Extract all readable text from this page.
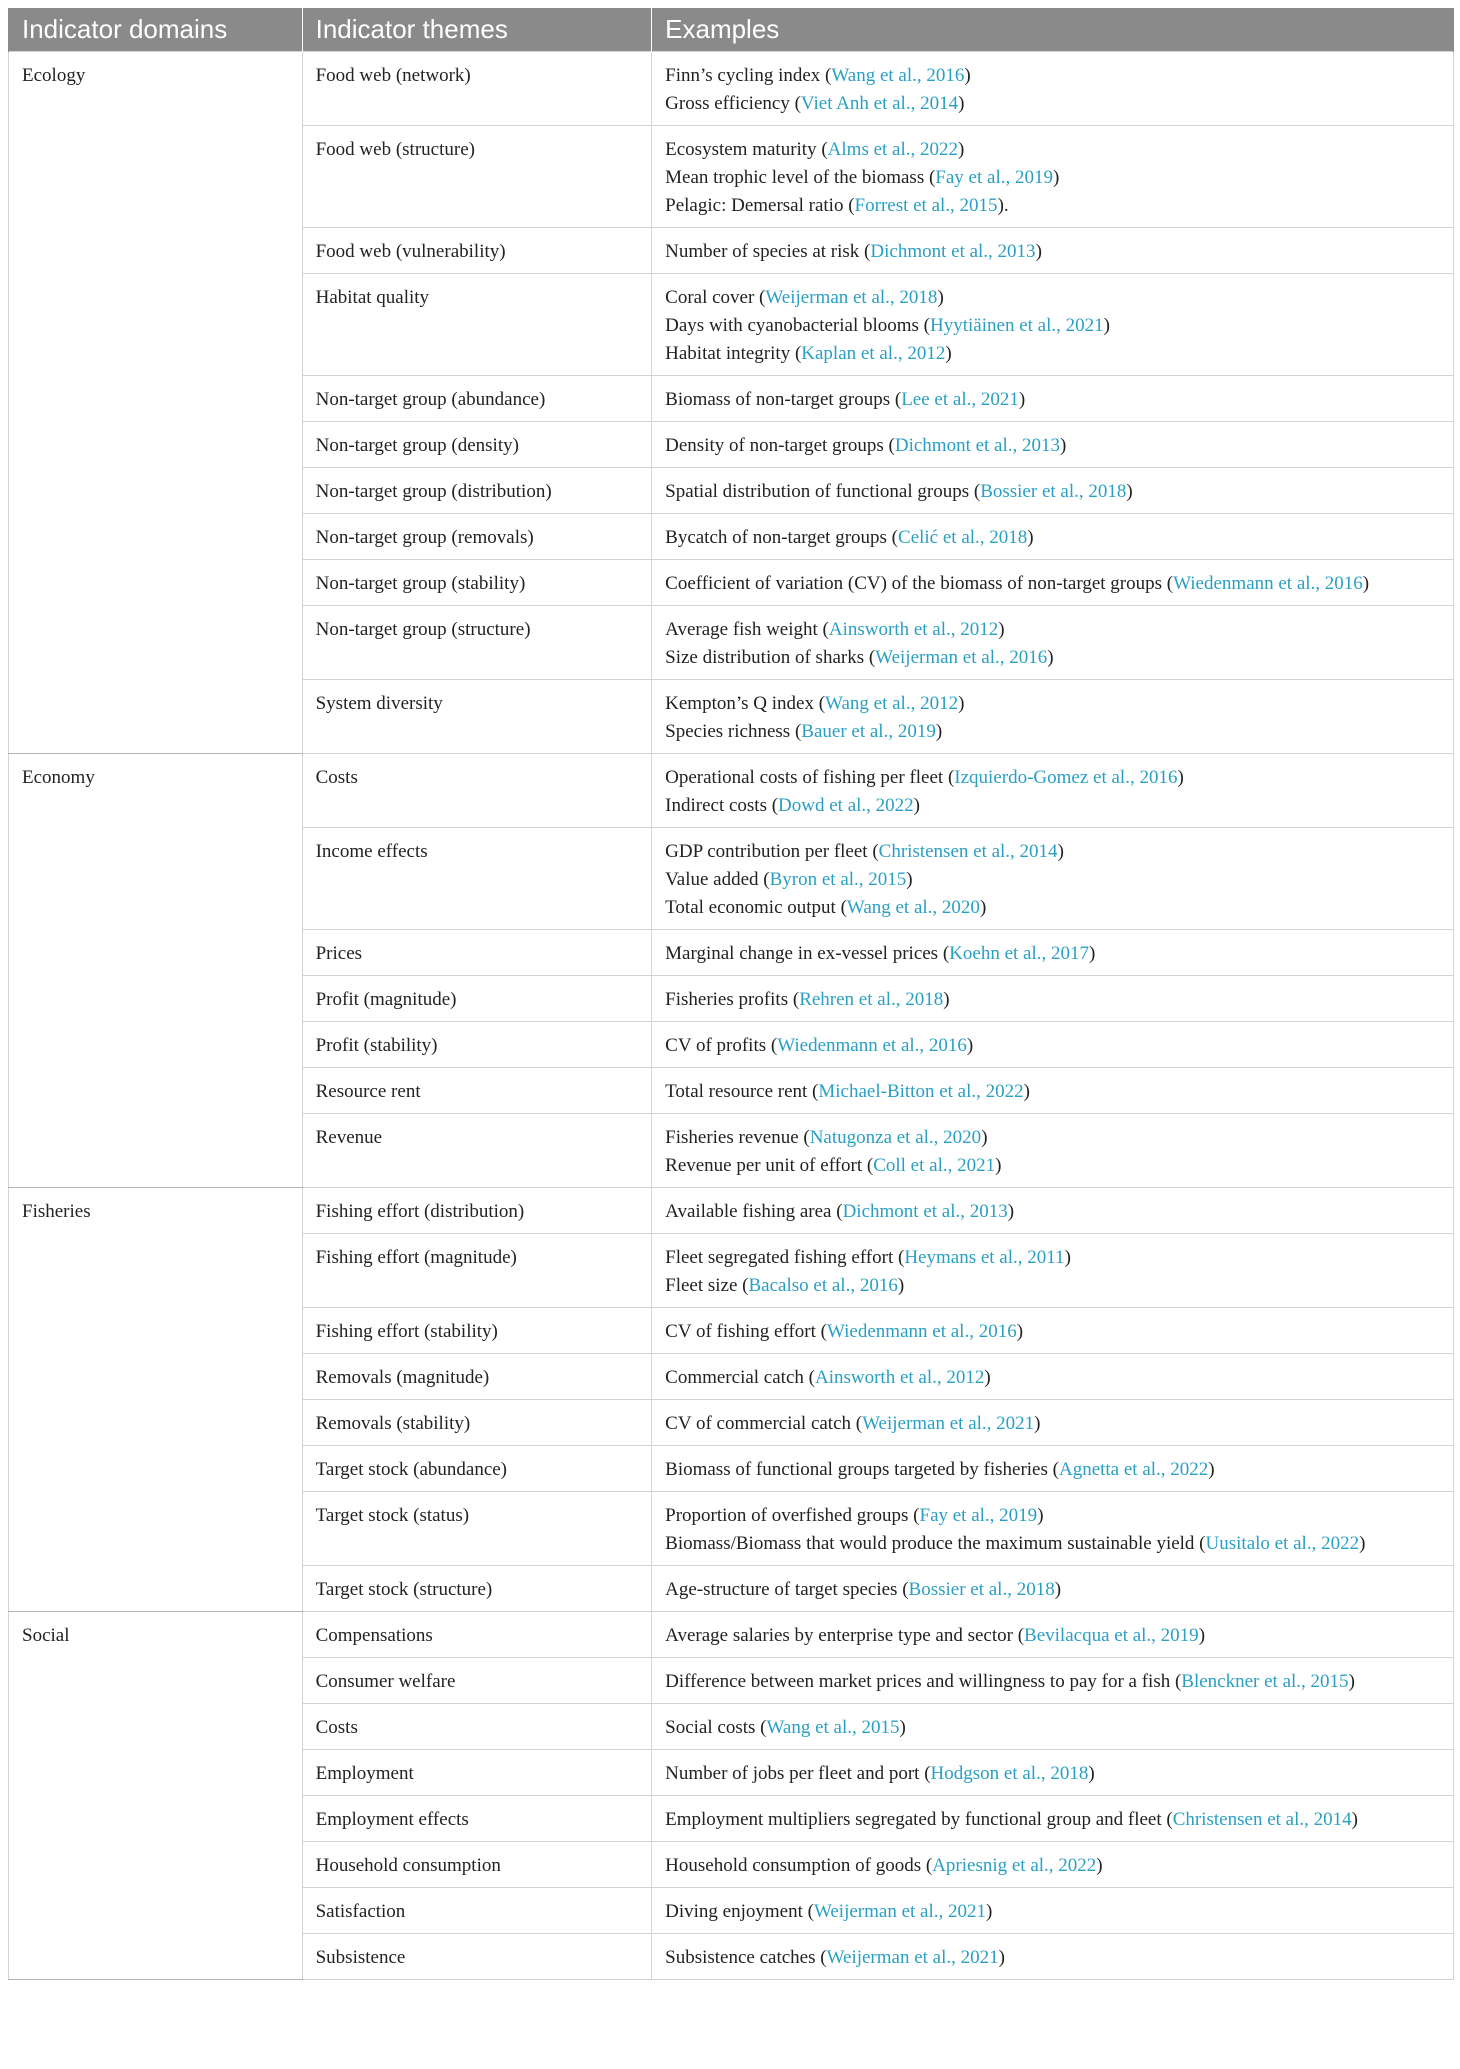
Indicator domains	Indicator themes	Examples
Ecology	Food web (network)	Finn’s cycling index (Wang et al., 2016)
Gross efficiency (Viet Anh et al., 2014)

	Food web (structure)	Ecosystem maturity (Alms et al., 2022)
Mean trophic level of the biomass (Fay et al., 2019)
Pelagic: Demersal ratio (Forrest et al., 2015).

	Food web (vulnerability)	Number of species at risk (Dichmont et al., 2013)

	Habitat quality	Coral cover (Weijerman et al., 2018)
Days with cyanobacterial blooms (Hyytiäinen et al., 2021)
Habitat integrity (Kaplan et al., 2012)

	Non-target group (abundance)	Biomass of non-target groups (Lee et al., 2021)

	Non-target group (density)	Density of non-target groups (Dichmont et al., 2013)

	Non-target group (distribution)	Spatial distribution of functional groups (Bossier et al., 2018)

	Non-target group (removals)	Bycatch of non-target groups (Celić et al., 2018)

	Non-target group (stability)	Coefficient of variation (CV) of the biomass of non-target groups (Wiedenmann et al., 2016)

	Non-target group (structure)	Average fish weight (Ainsworth et al., 2012)
Size distribution of sharks (Weijerman et al., 2016)

	System diversity	Kempton’s Q index (Wang et al., 2012)
Species richness (Bauer et al., 2019)

Economy	Costs	Operational costs of fishing per fleet (Izquierdo-Gomez et al., 2016)
Indirect costs (Dowd et al., 2022)

	Income effects	GDP contribution per fleet (Christensen et al., 2014)
Value added (Byron et al., 2015)
Total economic output (Wang et al., 2020)

	Prices	Marginal change in ex-vessel prices (Koehn et al., 2017)

	Profit (magnitude)	Fisheries profits (Rehren et al., 2018)

	Profit (stability)	CV of profits (Wiedenmann et al., 2016)

	Resource rent	Total resource rent (Michael-Bitton et al., 2022)

	Revenue	Fisheries revenue (Natugonza et al., 2020)
Revenue per unit of effort (Coll et al., 2021)

Fisheries	Fishing effort (distribution)	Available fishing area (Dichmont et al., 2013)

	Fishing effort (magnitude)	Fleet segregated fishing effort (Heymans et al., 2011)
Fleet size (Bacalso et al., 2016)

	Fishing effort (stability)	CV of fishing effort (Wiedenmann et al., 2016)

	Removals (magnitude)	Commercial catch (Ainsworth et al., 2012)

	Removals (stability)	CV of commercial catch (Weijerman et al., 2021)

	Target stock (abundance)	Biomass of functional groups targeted by fisheries (Agnetta et al., 2022)

	Target stock (status)	Proportion of overfished groups (Fay et al., 2019)
Biomass/Biomass that would produce the maximum sustainable yield (Uusitalo et al., 2022)

	Target stock (structure)	Age-structure of target species (Bossier et al., 2018)

Social	Compensations	Average salaries by enterprise type and sector (Bevilacqua et al., 2019)

	Consumer welfare	Difference between market prices and willingness to pay for a fish (Blenckner et al., 2015)

	Costs	Social costs (Wang et al., 2015)

	Employment	Number of jobs per fleet and port (Hodgson et al., 2018)

	Employment effects	Employment multipliers segregated by functional group and fleet (Christensen et al., 2014)

	Household consumption	Household consumption of goods (Apriesnig et al., 2022)

	Satisfaction	Diving enjoyment (Weijerman et al., 2021)

	Subsistence	Subsistence catches (Weijerman et al., 2021)
